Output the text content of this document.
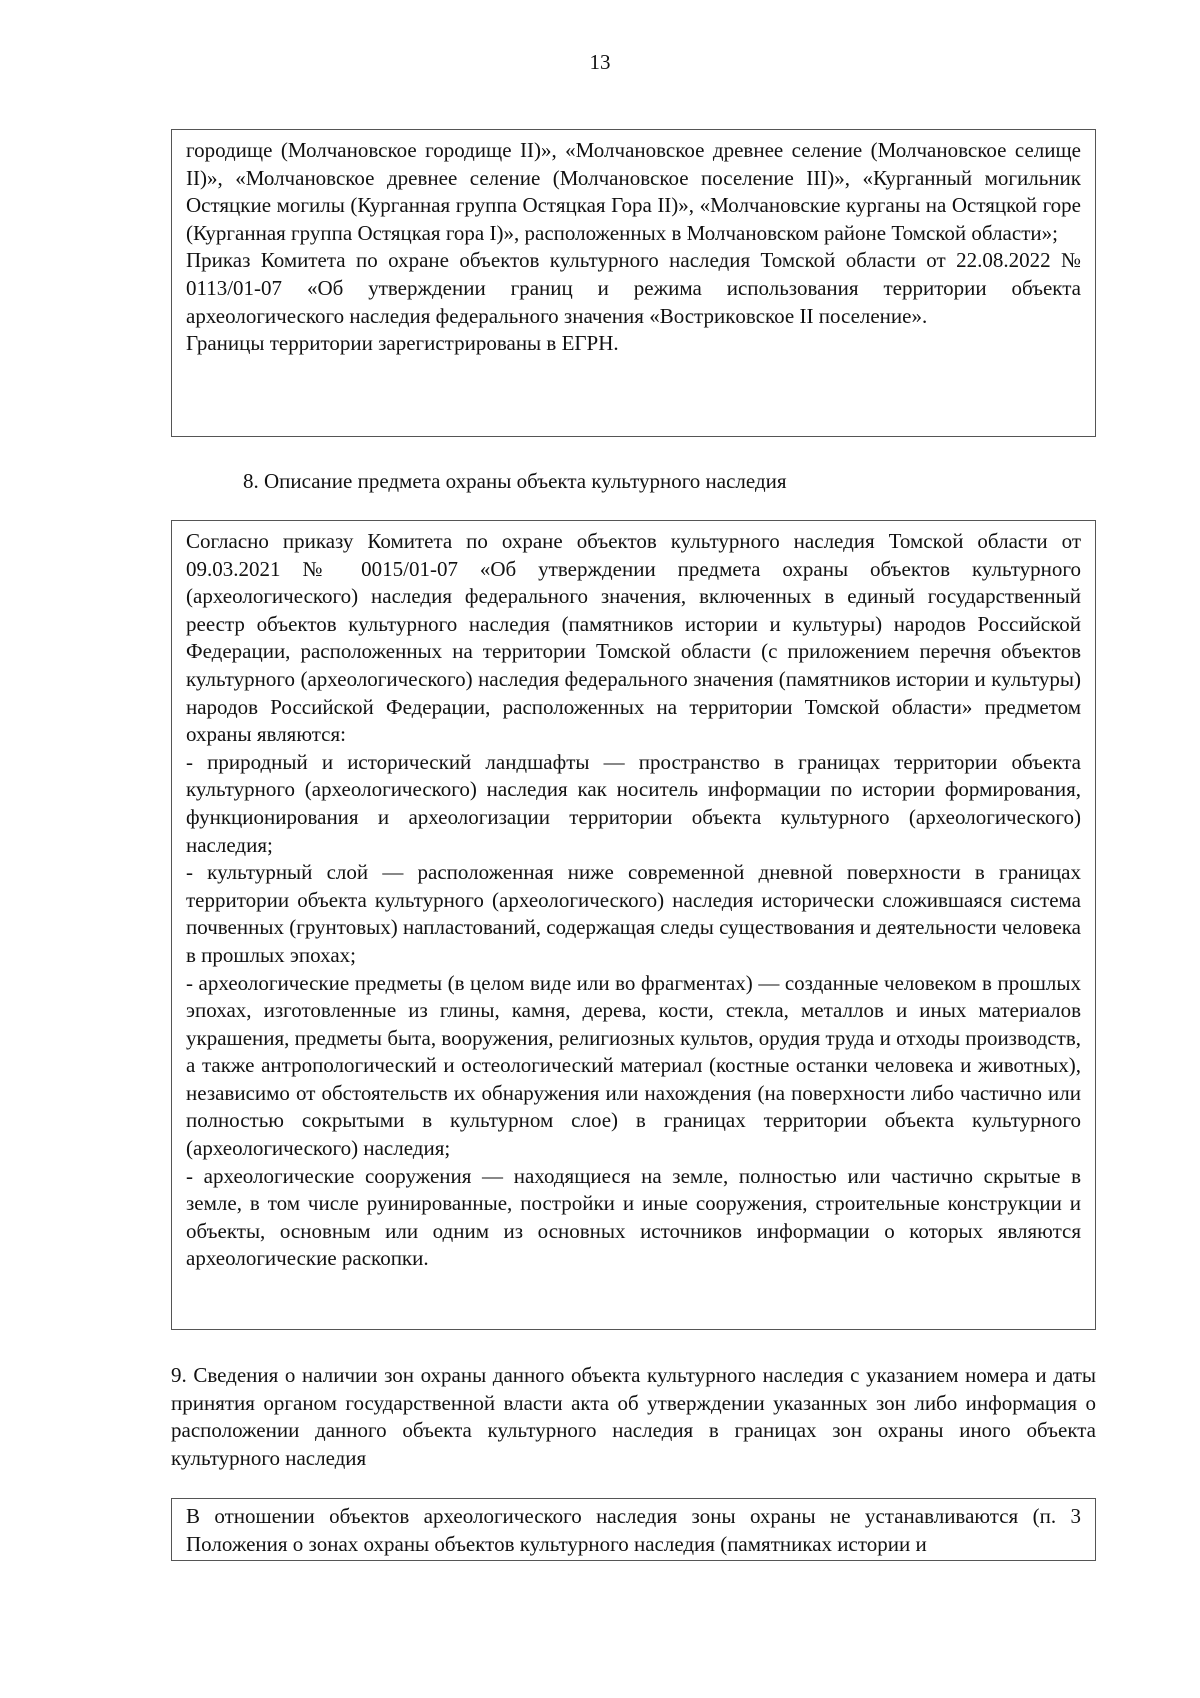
13

городище (Молчановское городище II)», «Молчановское древнее селение (Молчановское селище II)», «Молчановское древнее селение (Молчановское поселение III)», «Курганный могильник Остяцкие могилы (Курганная группа Остяцкая Гора II)», «Молчановские курганы на Остяцкой горе (Курганная группа Остяцкая гора I)», расположенных в Молчановском районе Томской области»;

Приказ Комитета по охране объектов культурного наследия Томской области от 22.08.2022 № 0113/01-07 «Об утверждении границ и режима использования территории объекта археологического наследия федерального значения «Вострикoвское II поселение».

Границы территории зарегистрированы в ЕГРН.

8. Описание предмета охраны объекта культурного наследия

Согласно приказу Комитета по охране объектов культурного наследия Томской области от 09.03.2021 № 0015/01-07 «Об утверждении предмета охраны объектов культурного (археологического) наследия федерального значения, включенных в единый государственный реестр объектов культурного наследия (памятников истории и культуры) народов Российской Федерации, расположенных на территории Томской области (с приложением перечня объектов культурного (археологического) наследия федерального значения (памятников истории и культуры) народов Российской Федерации, расположенных на территории Томской области» предметом охраны являются:

- природный и исторический ландшафты — пространство в границах территории объекта культурного (археологического) наследия как носитель информации по истории формирования, функционирования и археологизации территории объекта культурного (археологического) наследия;

- культурный слой — расположенная ниже современной дневной поверхности в границах территории объекта культурного (археологического) наследия исторически сложившаяся система почвенных (грунтовых) напластований, содержащая следы существования и деятельности человека в прошлых эпохах;

- археологические предметы (в целом виде или во фрагментах) — созданные человеком в прошлых эпохах, изготовленные из глины, камня, дерева, кости, стекла, металлов и иных материалов украшения, предметы быта, вооружения, религиозных культов, орудия труда и отходы производств, а также антропологический и остеологический материал (костные останки человека и животных), независимо от обстоятельств их обнаружения или нахождения (на поверхности либо частично или полностью сокрытыми в культурном слое) в границах территории объекта культурного (археологического) наследия;

- археологические сооружения — находящиеся на земле, полностью или частично скрытые в земле, в том числе руинированные, постройки и иные сооружения, строительные конструкции и объекты, основным или одним из основных источников информации о которых являются археологические раскопки.

9. Сведения о наличии зон охраны данного объекта культурного наследия с указанием номера и даты принятия органом государственной власти акта об утверждении указанных зон либо информация о расположении данного объекта культурного наследия в границах зон охраны иного объекта культурного наследия

В отношении объектов археологического наследия зоны охраны не устанавливаются (п. 3 Положения о зонах охраны объектов культурного наследия (памятниках истории и
